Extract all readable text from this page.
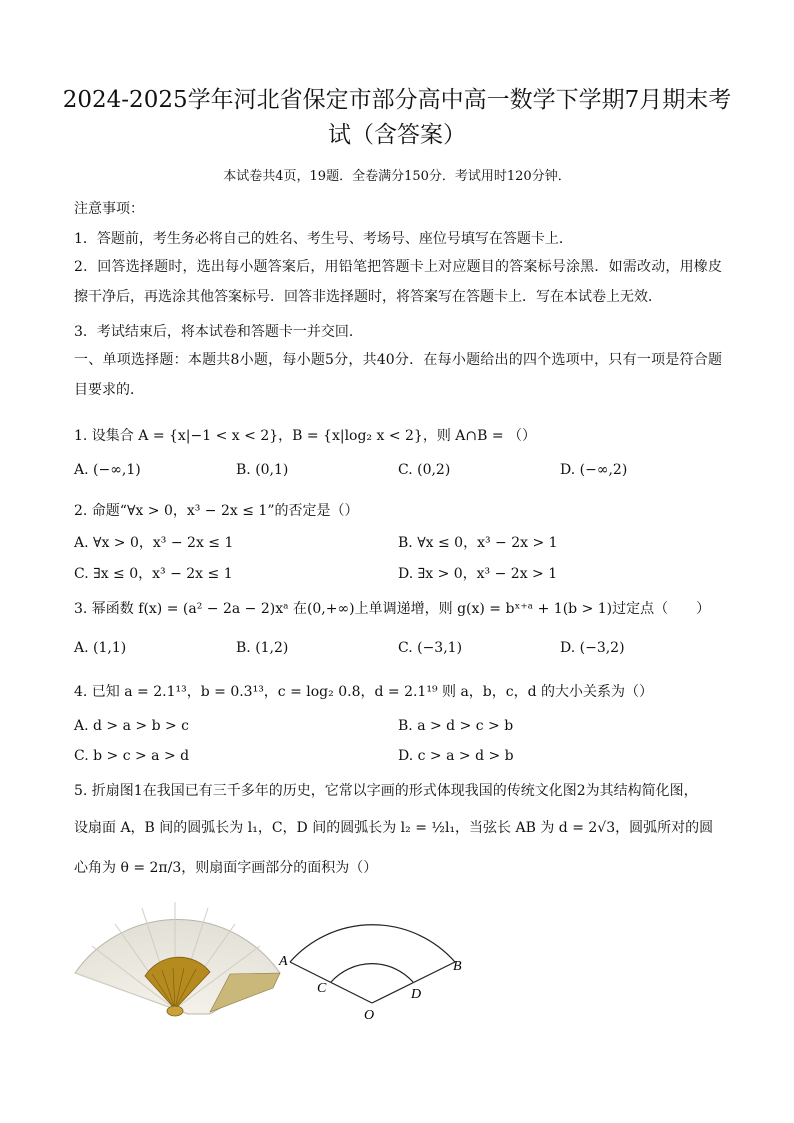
2024-2025学年河北省保定市部分高中高一数学下学期7月期末考
试（含答案）
本试卷共4页，19题．全卷满分150分．考试用时120分钟．
注意事项：
1．答题前，考生务必将自己的姓名、考生号、考场号、座位号填写在答题卡上．
2．回答选择题时，选出每小题答案后，用铅笔把答题卡上对应题目的答案标号涂黑．如需改动，用橡皮擦干净后，再选涂其他答案标号．回答非选择题时，将答案写在答题卡上．写在本试卷上无效．
3．考试结束后，将本试卷和答题卡一并交回．
一、单项选择题：本题共8小题，每小题5分，共40分．在每小题给出的四个选项中，只有一项是符合题目要求的．
1. 设集合 A = {x|−1 < x < 2}，B = {x|log₂ x < 2}，则 A∩B = （）
A. (−∞,1)	B. (0,1)	C. (0,2)	D. (−∞,2)
2. 命题“∀x > 0，x³ − 2x ≤ 1”的否定是（）
A. ∀x > 0，x³ − 2x ≤ 1	B. ∀x ≤ 0，x³ − 2x > 1
C. ∃x ≤ 0，x³ − 2x ≤ 1	D. ∃x > 0，x³ − 2x > 1
3. 幂函数 f(x) = (a² − 2a − 2)xᵃ 在(0,+∞)上单调递增，则 g(x) = bˣ⁺ᵃ + 1(b > 1)过定点（　　）
A. (1,1)	B. (1,2)	C. (−3,1)	D. (−3,2)
4. 已知 a = 2.1¹³，b = 0.3¹³，c = log₂ 0.8，d = 2.1¹⁹ 则 a，b，c，d 的大小关系为（）
A. d > a > b > c	B. a > d > c > b
C. b > c > a > d	D. c > a > d > b
5. 折扇图1在我国已有三千多年的历史，它常以字画的形式体现我国的传统文化图2为其结构简化图，
设扇面 A，B 间的圆弧长为 l₁，C，D 间的圆弧长为 l₂ = ½l₁，当弦长 AB 为 d = 2√3，圆弧所对的圆
心角为 θ = 2π/3，则扇面字画部分的面积为（）
A	B
C	D
O
